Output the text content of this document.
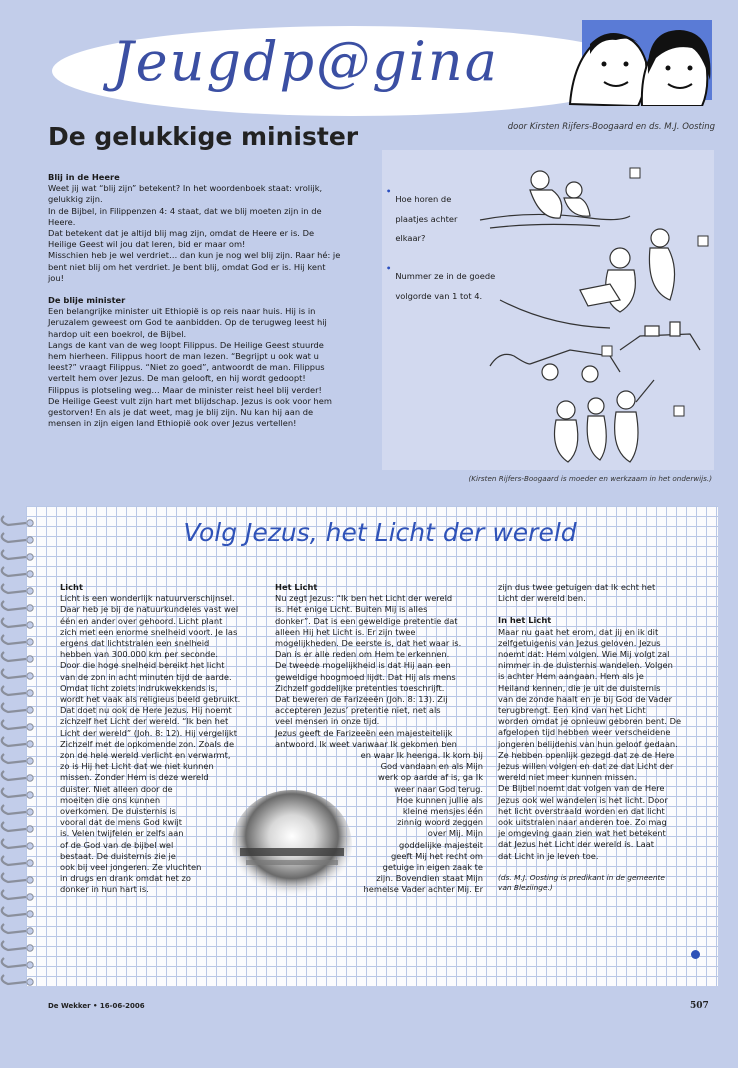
Jeugdp@gina
De gelukkige minister	door Kirsten Rijfers-Boogaard en ds. M.J. Oosting

Blij in de Heere

Weet jij wat “blij zijn” betekent? In het woordenboek staat: vrolijk,

gelukkig zijn.

In de Bijbel, in Filippenzen 4: 4 staat, dat we blij moeten zijn in de

Heere.

Dat betekent dat je altijd blij mag zijn, omdat de Heere er is. De

Heilige Geest wil jou dat leren, bid er maar om!

Misschien heb je wel verdriet… dan kun je nog wel blij zijn. Raar hé: je

bent niet blij om het verdriet. Je bent blij, omdat God er is. Hij kent

jou!

De blije minister

Een belangrijke minister uit Ethiopië is op reis naar huis. Hij is in

Jeruzalem geweest om God te aanbidden. Op de terugweg leest hij

hardop uit een boekrol, de Bijbel.

Langs de kant van de weg loopt Filippus. De Heilige Geest stuurde

hem hierheen. Filippus hoort de man lezen. “Begrijpt u ook wat u

leest?” vraagt Filippus. “Niet zo goed”, antwoordt de man. Filippus

vertelt hem over Jezus. De man gelooft, en hij wordt gedoopt!

Filippus is plotseling weg… Maar de minister reist heel blij verder!

De Heilige Geest vult zijn hart met blijdschap. Jezus is ook voor hem

gestorven! En als je dat weet, mag je blij zijn. Nu kan hij aan de

mensen in zijn eigen land Ethiopië ook over Jezus vertellen!

•

Hoe horen de

plaatjes achter

elkaar?

•

Nummer ze in de goede

volgorde van 1 tot 4.

(Kirsten Rijfers-Boogaard is moeder en werkzaam in het onderwijs.)
Volg Jezus, het Licht der wereld

Licht

Licht is een wonderlijk natuurverschijnsel.

Daar heb je bij de natuurkundeles vast wel

één en ander over gehoord. Licht plant

zich met een enorme snelheid voort. Je las

ergens dat lichtstralen een snelheid

hebben van 300.000 km per seconde.

Door die hoge snelheid bereikt het licht

van de zon in acht minuten tijd de aarde.

Omdat licht zoiets indrukwekkends is,

wordt het vaak als religieus beeld gebruikt.

Dat doet nu ook de Here Jezus. Hij noemt

zichzelf het Licht der wereld. “Ik ben het

Licht der wereld” (Joh. 8: 12). Hij vergelijkt

Zichzelf met de opkomende zon. Zoals de

zon de hele wereld verlicht en verwarmt,

zo is Hij het Licht dat we niet kunnen

missen. Zonder Hem is deze wereld

duister. Niet alleen door de

moeiten die ons kunnen

overkomen. De duisternis is

vooral dat de mens God kwijt

is. Velen twijfelen er zelfs aan

of de God van de bijbel wel

bestaat. De duisternis zie je

ook bij veel jongeren. Ze vluchten

in drugs en drank omdat het zo

donker in hun hart is.

Het Licht

Nu zegt Jezus: “Ik ben het Licht der wereld

is. Het enige Licht. Buiten Mij is alles

donker”. Dat is een geweldige pretentie dat

alleen Hij het Licht is. Er zijn twee

mogelijkheden. De eerste is, dat het waar is.

Dan is er alle reden om Hem te erkennen.

De tweede mogelijkheid is dat Hij aan een

geweldige hoogmoed lijdt. Dat Hij als mens

Zichzelf goddelijke pretenties toeschrijft.

Dat beweren de Farizeeën (Joh. 8: 13). Zij

accepteren Jezus’ pretentie niet, net als

veel mensen in onze tijd.

Jezus geeft de Farizeeën een majesteitelijk

antwoord. Ik weet vanwaar Ik gekomen ben

en waar Ik heenga. Ik kom bij

God vandaan en als Mijn

werk op aarde af is, ga Ik

weer naar God terug.

Hoe kunnen jullie als

kleine mensjes één

zinnig woord zeggen

over Mij. Mijn

goddelijke majesteit

geeft Mij het recht om

getuige in eigen zaak te

zijn. Bovendien staat Mijn

hemelse Vader achter Mij. Er

zijn dus twee getuigen dat Ik echt het

Licht der wereld ben.

In het Licht

Maar nu gaat het erom, dat jij en ik dit

zelfgetuigenis van Jezus geloven. Jezus

noemt dat: Hem volgen. Wie Mij volgt zal

nimmer in de duisternis wandelen. Volgen

is achter Hem aangaan. Hem als je

Heiland kennen, die je uit de duisternis

van de zonde haalt en je bij God de Vader

terugbrengt. Een kind van het Licht

worden omdat je opnieuw geboren bent. De

afgelopen tijd hebben weer verscheidene

jongeren belijdenis van hun geloof gedaan.

Ze hebben openlijk gezegd dat ze de Here

Jezus willen volgen en dat ze dat Licht der

wereld niet meer kunnen missen.

De Bijbel noemt dat volgen van de Here

Jezus ook wel wandelen is het licht. Door

het licht overstraald worden en dat licht

ook uitstralen naar anderen toe. Zo mag

je omgeving gaan zien wat het betekent

dat Jezus het Licht der wereld is. Laat

dat Licht in je leven toe.

(ds. M.J. Oosting is predikant in de gemeente

van Bleziinge.)

De Wekker • 16-06-2006	507
